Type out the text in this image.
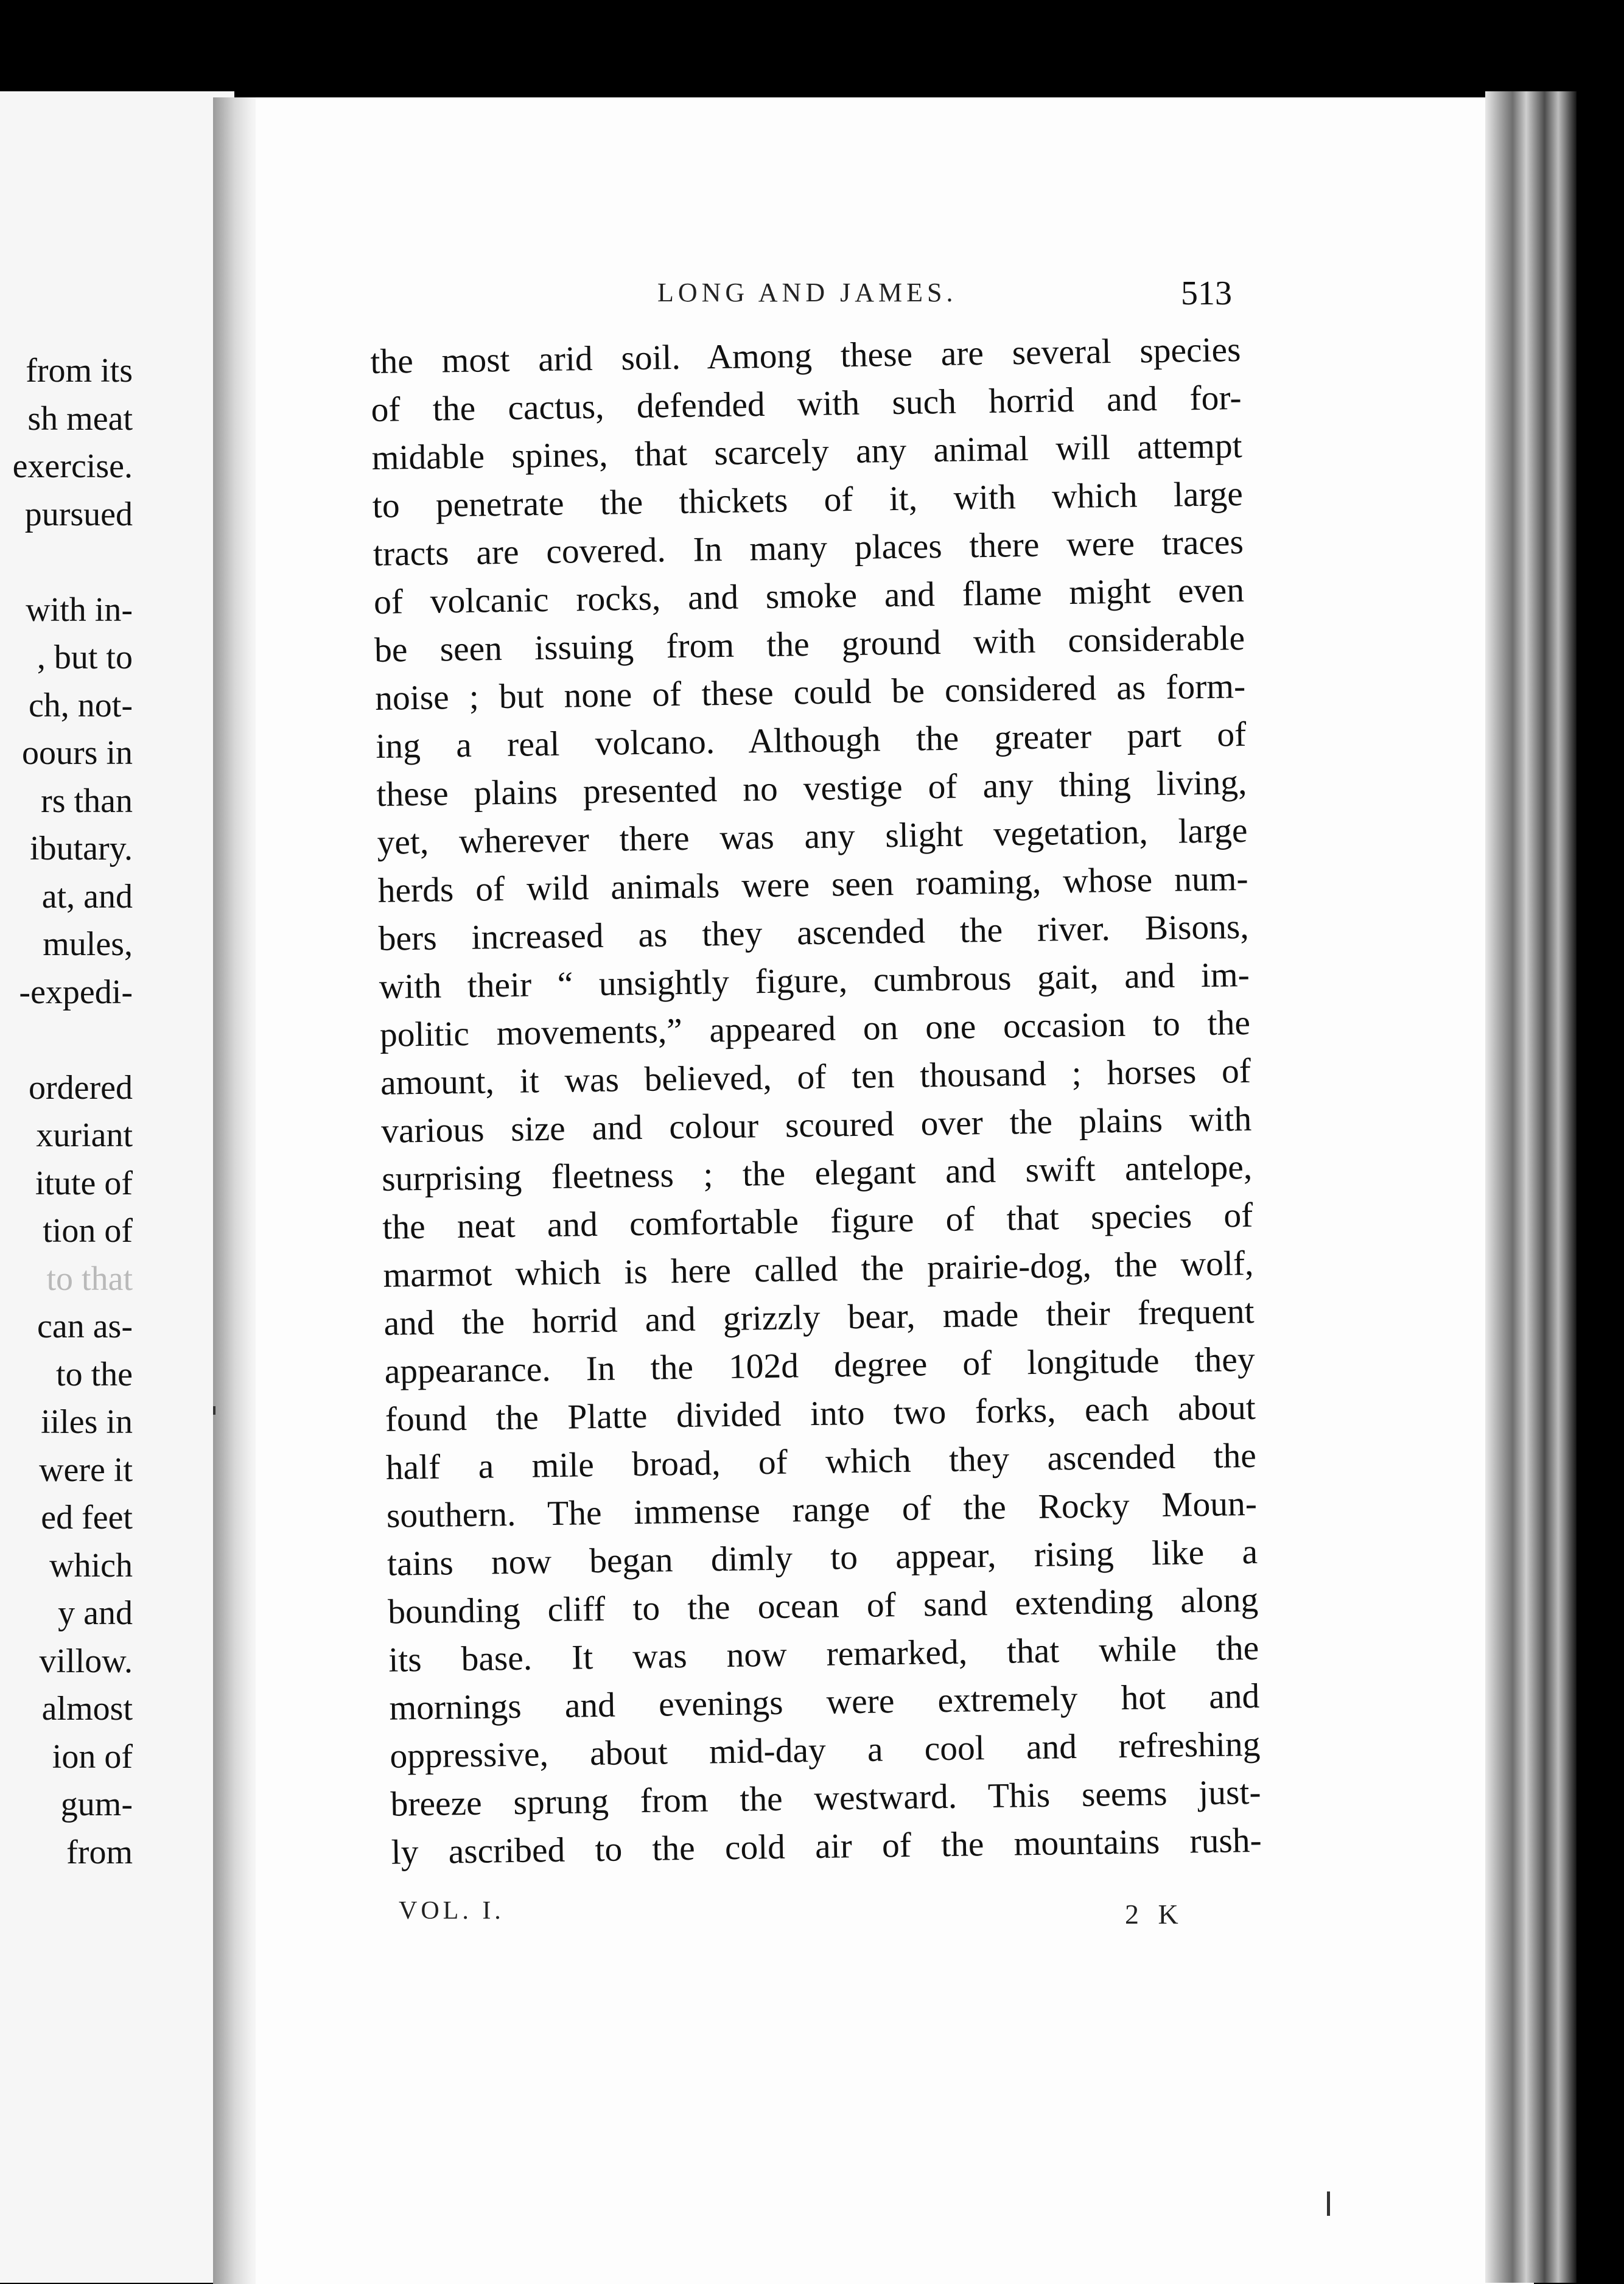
from its
sh meat
exercise.
pursued
with in-
, but to
ch, not-
oours in
rs than
ibutary.
at, and
mules,
-expedi-
ordered
xuriant
itute of
tion of
to that
can as-
to the
iiles in
were it
ed feet
which
y and
villow.
almost
ion of
gum-
from
LONG AND JAMES.	513
the most arid soil. Among these are several species
of the cactus, defended with such horrid and for-
midable spines, that scarcely any animal will attempt
to penetrate the thickets of it, with which large
tracts are covered. In many places there were traces
of volcanic rocks, and smoke and flame might even
be seen issuing from the ground with considerable
noise ; but none of these could be considered as form-
ing a real volcano. Although the greater part of
these plains presented no vestige of any thing living,
yet, wherever there was any slight vegetation, large
herds of wild animals were seen roaming, whose num-
bers increased as they ascended the river. Bisons,
with their “ unsightly figure, cumbrous gait, and im-
politic movements,” appeared on one occasion to the
amount, it was believed, of ten thousand ; horses of
various size and colour scoured over the plains with
surprising fleetness ; the elegant and swift antelope,
the neat and comfortable figure of that species of
marmot which is here called the prairie-dog, the wolf,
and the horrid and grizzly bear, made their frequent
appearance. In the 102d degree of longitude they
found the Platte divided into two forks, each about
half a mile broad, of which they ascended the
southern. The immense range of the Rocky Moun-
tains now began dimly to appear, rising like a
bounding cliff to the ocean of sand extending along
its base. It was now remarked, that while the
mornings and evenings were extremely hot and
oppressive, about mid-day a cool and refreshing
breeze sprung from the westward. This seems just-
ly ascribed to the cold air of the mountains rush-
VOL. I.	2 K
